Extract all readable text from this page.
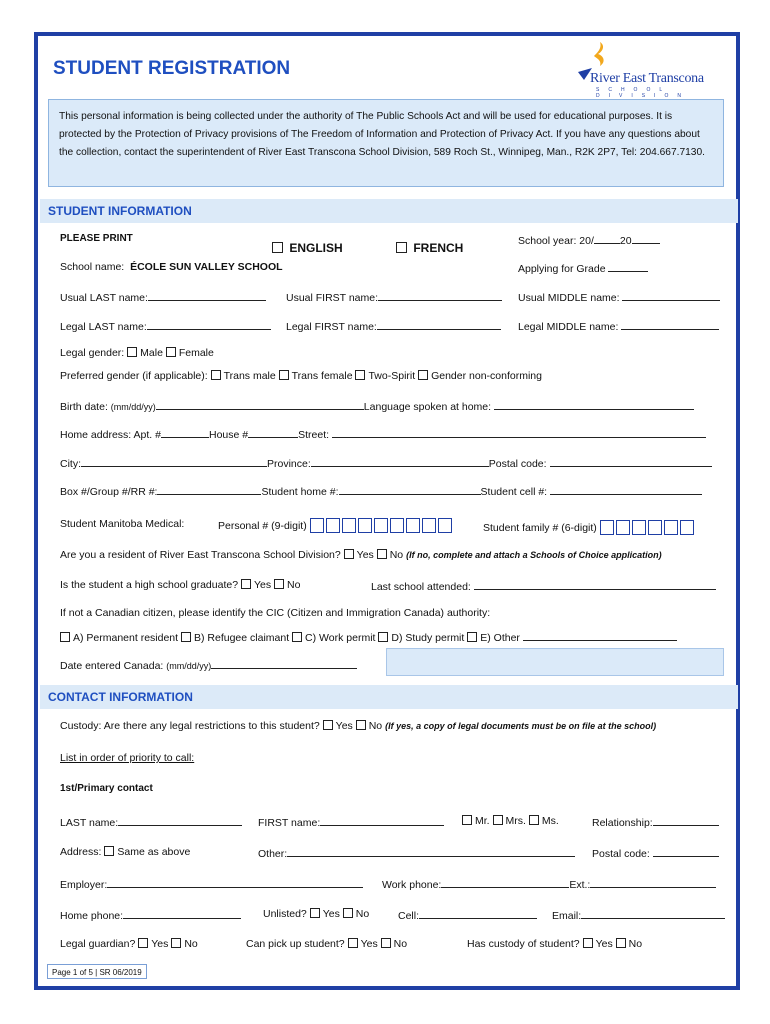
STUDENT REGISTRATION	River East Transcona
SCHOOL DIVISION
This personal information is being collected under the authority of The Public Schools Act and will be used for educational purposes. It is protected by the Protection of Privacy provisions of The Freedom of Information and Protection of Privacy Act. If you have any questions about the collection, contact the superintendent of River East Transcona School Division, 589 Roch St., Winnipeg, Man., R2K 2P7, Tel: 204.667.7130.
STUDENT INFORMATION
PLEASE PRINT
ENGLISH	FRENCH	School year: 20/ 20
School name: ÉCOLE SUN VALLEY SCHOOL	Applying for Grade
Usual LAST name:	Usual FIRST name:	Usual MIDDLE name:
Legal LAST name:	Legal FIRST name:	Legal MIDDLE name:
Legal gender: Male Female
Preferred gender (if applicable): Trans male Trans female Two-Spirit Gender non-conforming
Birth date: (mm/dd/yy)	Language spoken at home:
Home address: Apt. #	House #	Street:
City:	Province:	Postal code:
Box #/Group #/RR #:	Student home #:	Student cell #:
Student Manitoba Medical:	Personal # (9-digit)	Student family # (6-digit)
Are you a resident of River East Transcona School Division? Yes No (If no, complete and attach a Schools of Choice application)
Is the student a high school graduate? Yes No	Last school attended:
If not a Canadian citizen, please identify the CIC (Citizen and Immigration Canada) authority:
A) Permanent resident B) Refugee claimant C) Work permit D) Study permit E) Other
Date entered Canada: (mm/dd/yy)
CONTACT INFORMATION
Custody: Are there any legal restrictions to this student? Yes No (If yes, a copy of legal documents must be on file at the school)
List in order of priority to call:
1st/Primary contact
LAST name:	FIRST name:	Mr. Mrs. Ms.	Relationship:
Address: Same as above	Other:	Postal code:
Employer:	Work phone:	Ext.:
Home phone:	Unlisted? Yes No	Cell:	Email:
Legal guardian? Yes No	Can pick up student? Yes No	Has custody of student? Yes No
Page 1 of 5 | SR 06/2019
